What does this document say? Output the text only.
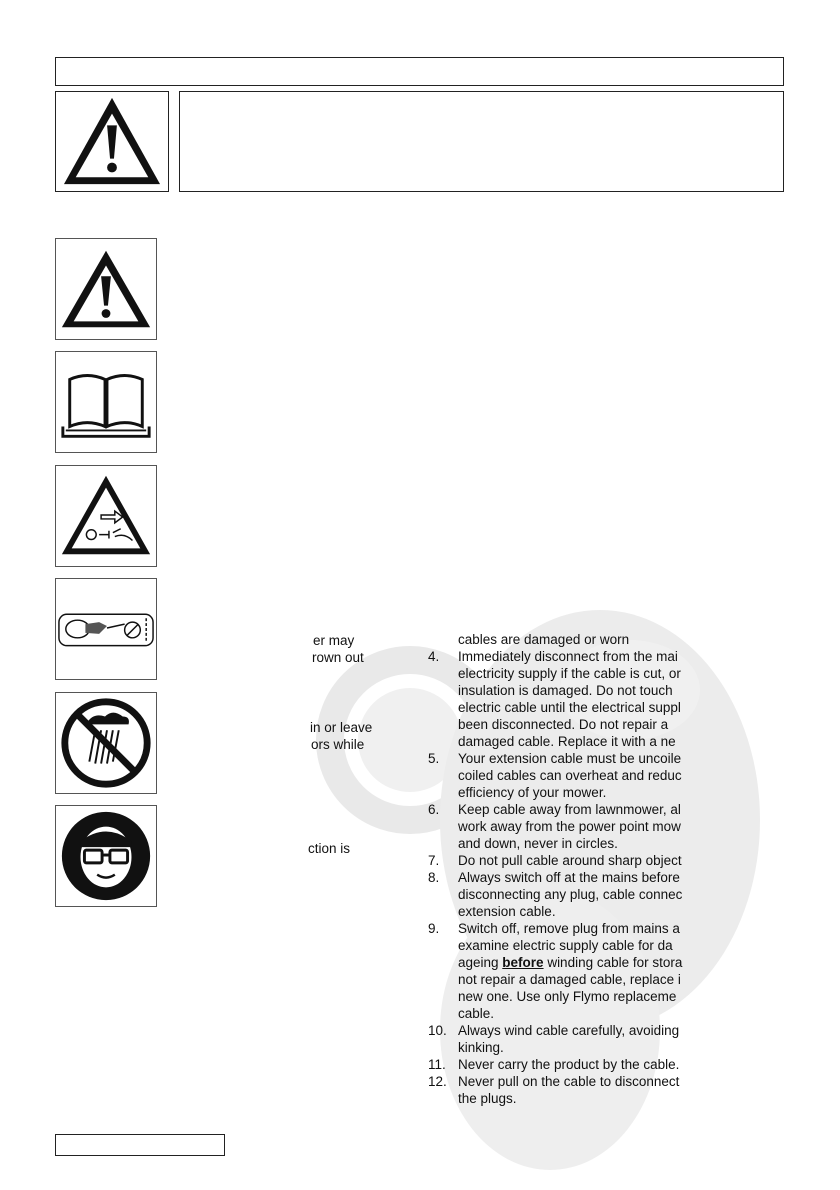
er may
rown out
in or leave
ors while
ction is
cables are damaged or worn
4. Immediately disconnect from the mai
electricity supply if the cable is cut, or
insulation is damaged. Do not touch
electric cable until the electrical suppl
been disconnected. Do not repair a
damaged cable. Replace it with a ne
5. Your extension cable must be uncoile
coiled cables can overheat and reduc
efficiency of your mower.
6. Keep cable away from lawnmower, al
work away from the power point mow
and down, never in circles.
7. Do not pull cable around sharp object
8. Always switch off at the mains before
disconnecting any plug, cable connec
extension cable.
9. Switch off, remove plug from mains a
examine electric supply cable for da
ageing before winding cable for stora
not repair a damaged cable, replace i
new one. Use only Flymo replaceme
cable.
10. Always wind cable carefully, avoiding
kinking.
11. Never carry the product by the cable.
12. Never pull on the cable to disconnect
the plugs.
